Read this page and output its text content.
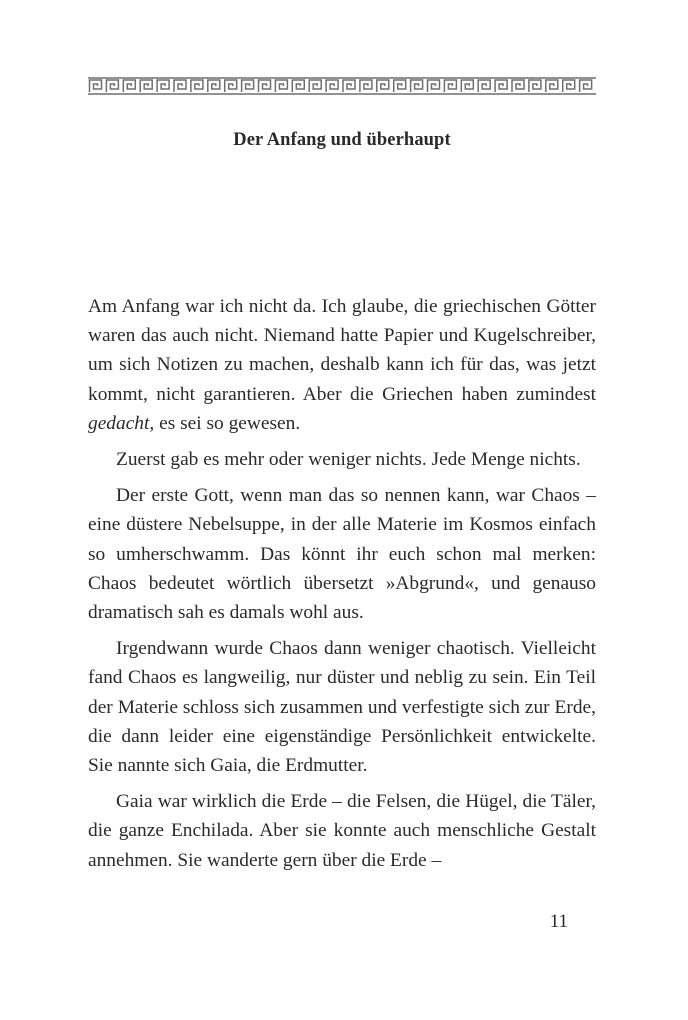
Der Anfang und überhaupt

Am Anfang war ich nicht da. Ich glaube, die griechischen Götter waren das auch nicht. Niemand hatte Papier und Kugelschreiber, um sich Notizen zu machen, deshalb kann ich für das, was jetzt kommt, nicht garantieren. Aber die Griechen haben zumindest gedacht, es sei so gewesen.

Zuerst gab es mehr oder weniger nichts. Jede Menge nichts.

Der erste Gott, wenn man das so nennen kann, war Chaos – eine düstere Nebelsuppe, in der alle Materie im Kosmos einfach so umherschwamm. Das könnt ihr euch schon mal merken: Chaos bedeutet wörtlich übersetzt »Abgrund«, und genauso dramatisch sah es damals wohl aus.

Irgendwann wurde Chaos dann weniger chaotisch. Vielleicht fand Chaos es langweilig, nur düster und neblig zu sein. Ein Teil der Materie schloss sich zusammen und verfestigte sich zur Erde, die dann leider eine eigenständige Persönlichkeit entwickelte. Sie nannte sich Gaia, die Erdmutter.

Gaia war wirklich die Erde – die Felsen, die Hügel, die Täler, die ganze Enchilada. Aber sie konnte auch menschliche Gestalt annehmen. Sie wanderte gern über die Erde –

11
